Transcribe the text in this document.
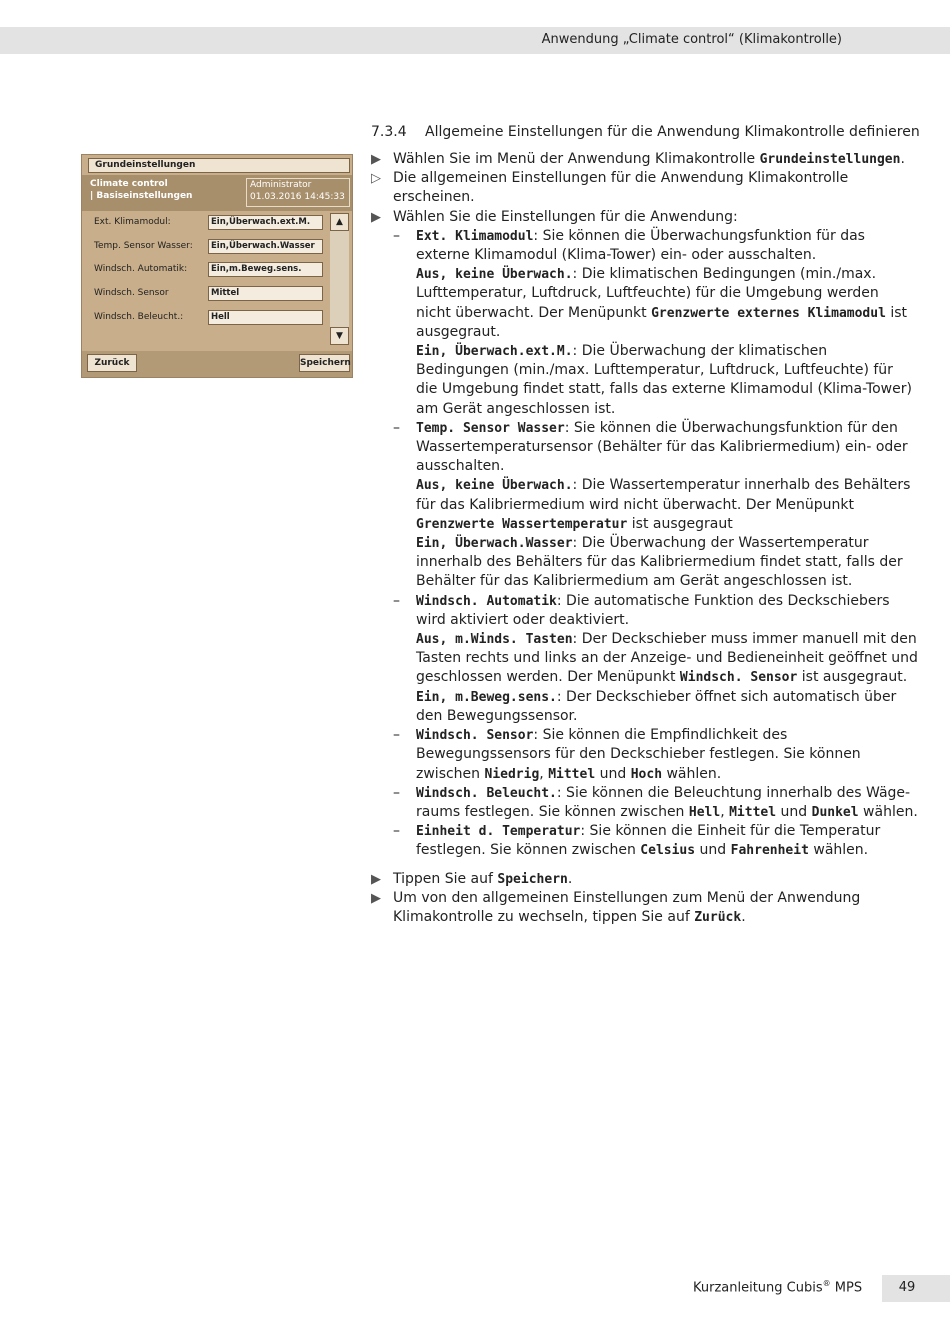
Anwendung „Climate control“ (Klimakontrolle)
Grundeinstellungen
Climate control
| Basiseinstellungen
Administrator
01.03.2016 14:45:33
Ext. Klimamodul:	Ein,Überwach.ext.M.
Temp. Sensor Wasser:	Ein,Überwach.Wasser
Windsch. Automatik:	Ein,m.Beweg.sens.
Windsch. Sensor	Mittel
Windsch. Beleucht.:	Hell
▲
▼
Zurück	Speichern
7.3.4 Allgemeine Einstellungen für die Anwendung Klimakontrolle definieren
▶ Wählen Sie im Menü der Anwendung Klimakontrolle Grundeinstellungen.
▷ Die allgemeinen Einstellungen für die Anwendung Klimakontrolle erscheinen.
▶ Wählen Sie die Einstellungen für die Anwendung:
– Ext. Klimamodul: Sie können die Überwachungsfunktion für das externe Klimamodul (Klima-Tower) ein- oder ausschalten.
Aus, keine Überwach.: Die klimatischen Bedingungen (min./max. Lufttemperatur, Luftdruck, Luftfeuchte) für die Umgebung werden nicht überwacht. Der Menüpunkt Grenzwerte externes Klimamodul ist ausgegraut.
Ein, Überwach.ext.M.: Die Überwachung der klimatischen Bedingungen (min./max. Lufttemperatur, Luftdruck, Luftfeuchte) für die Umgebung findet statt, falls das externe Klimamodul (Klima-Tower) am Gerät angeschlossen ist.
– Temp. Sensor Wasser: Sie können die Überwachungsfunktion für den Wassertemperatursensor (Behälter für das Kalibriermedium) ein- oder ausschalten.
Aus, keine Überwach.: Die Wassertemperatur innerhalb des Behälters für das Kalibriermedium wird nicht überwacht. Der Menüpunkt Grenzwerte Wassertemperatur ist ausgegraut
Ein, Überwach.Wasser: Die Überwachung der Wassertemperatur innerhalb des Behälters für das Kalibriermedium findet statt, falls der Behälter für das Kalibriermedium am Gerät angeschlossen ist.
– Windsch. Automatik: Die automatische Funktion des Deckschiebers wird aktiviert oder deaktiviert.
Aus, m.Winds. Tasten: Der Deckschieber muss immer manuell mit den Tasten rechts und links an der Anzeige- und Bedieneinheit geöffnet und geschlossen werden. Der Menüpunkt Windsch. Sensor ist ausgegraut.
Ein, m.Beweg.sens.: Der Deckschieber öffnet sich automatisch über den Bewegungssensor.
– Windsch. Sensor: Sie können die Empfindlichkeit des Bewegungssensors für den Deckschieber festlegen. Sie können zwischen Niedrig, Mittel und Hoch wählen.
– Windsch. Beleucht.: Sie können die Beleuchtung innerhalb des Wägeraums festlegen. Sie können zwischen Hell, Mittel und Dunkel wählen.
– Einheit d. Temperatur: Sie können die Einheit für die Temperatur festlegen. Sie können zwischen Celsius und Fahrenheit wählen.
▶ Tippen Sie auf Speichern.
▶ Um von den allgemeinen Einstellungen zum Menü der Anwendung Klimakontrolle zu wechseln, tippen Sie auf Zurück.
Kurzanleitung Cubis® MPS	49
